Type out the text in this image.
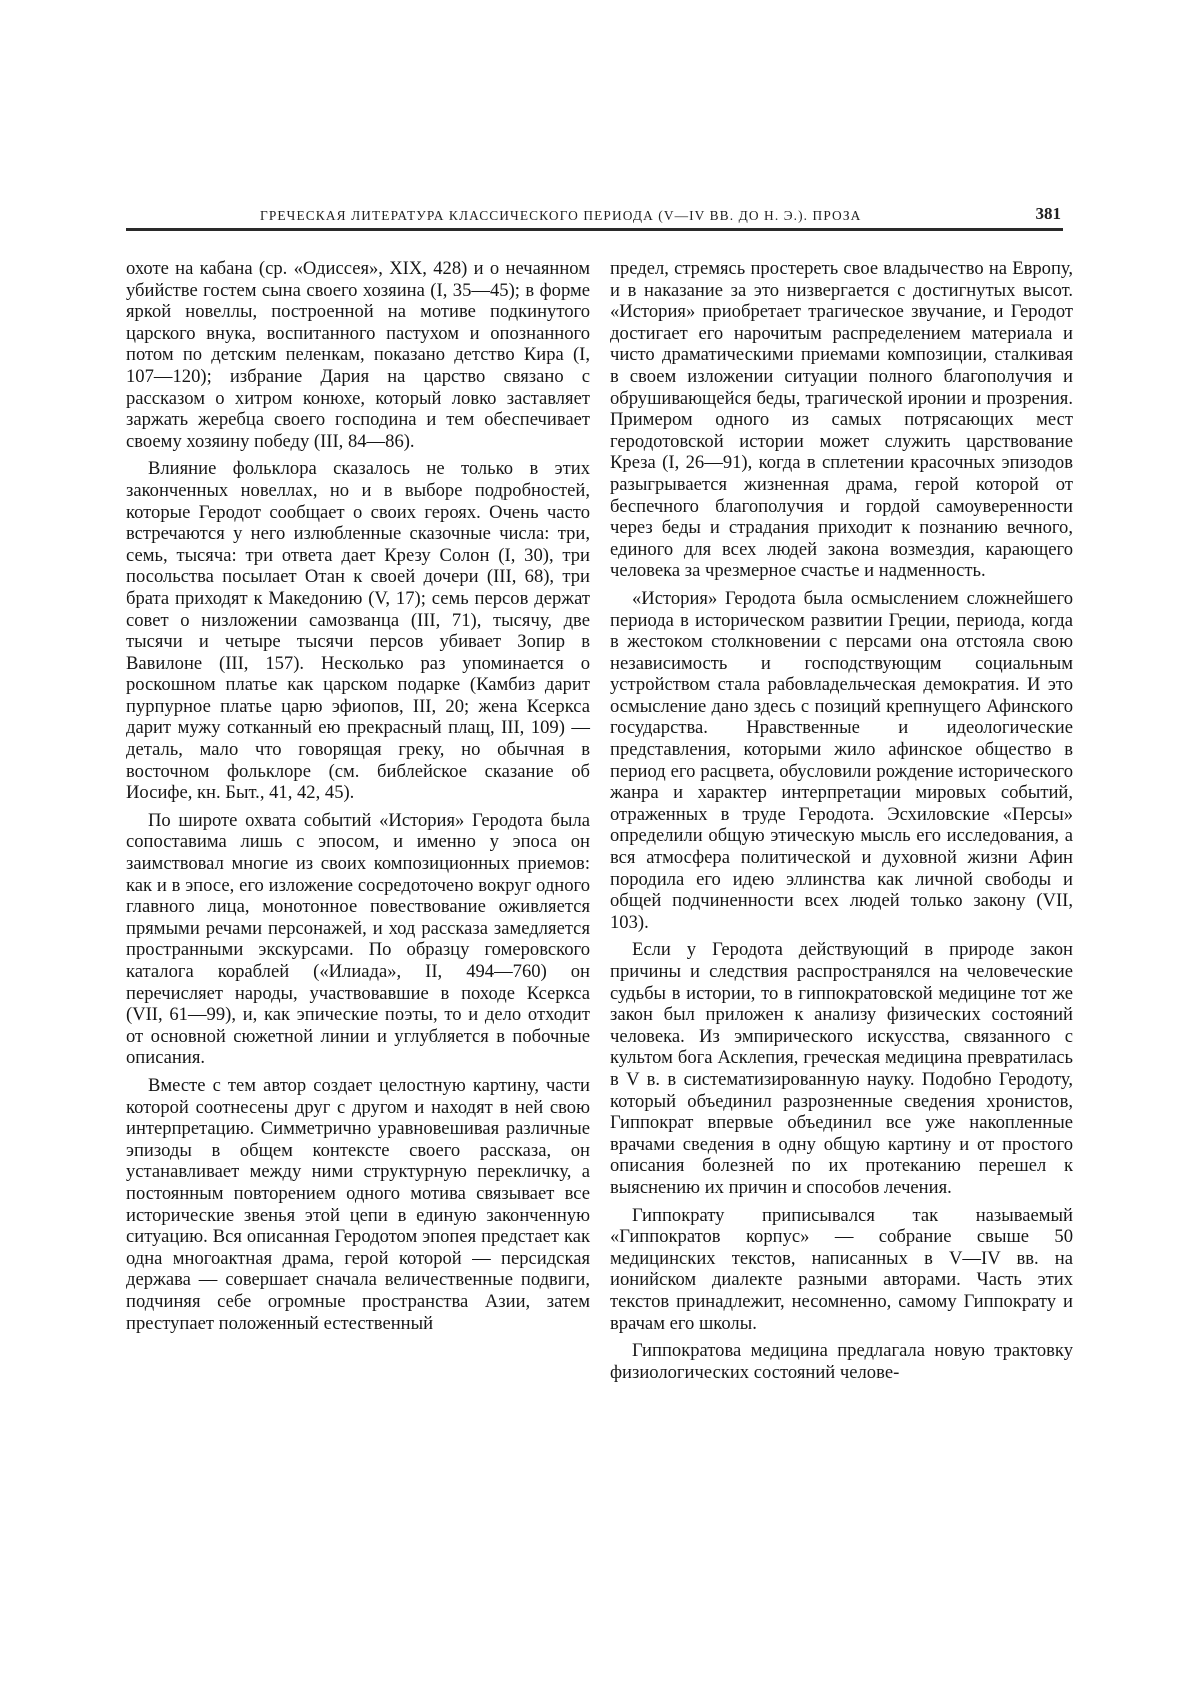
ГРЕЧЕСКАЯ ЛИТЕРАТУРА КЛАССИЧЕСКОГО ПЕРИОДА (V—IV ВВ. ДО Н. Э.). ПРОЗА	381

охоте на кабана (ср. «Одиссея», XIX, 428) и о нечаянном убийстве гостем сына своего хозяина (I, 35—45); в форме яркой новеллы, построенной на мотиве подкинутого царского внука, воспитанного пастухом и опознанного потом по детским пеленкам, показано детство Кира (I, 107—120); избрание Дария на царство связано с рассказом о хитром конюхе, который ловко заставляет заржать жеребца своего господина и тем обеспечивает своему хозяину победу (III, 84—86).

Влияние фольклора сказалось не только в этих законченных новеллах, но и в выборе подробностей, которые Геродот сообщает о своих героях. Очень часто встречаются у него излюбленные сказочные числа: три, семь, тысяча: три ответа дает Крезу Солон (I, 30), три посольства посылает Отан к своей дочери (III, 68), три брата приходят к Македонию (V, 17); семь персов держат совет о низложении самозванца (III, 71), тысячу, две тысячи и четыре тысячи персов убивает Зопир в Вавилоне (III, 157). Несколько раз упоминается о роскошном платье как царском подарке (Камбиз дарит пурпурное платье царю эфиопов, III, 20; жена Ксеркса дарит мужу сотканный ею прекрасный плащ, III, 109) — деталь, мало что говорящая греку, но обычная в восточном фольклоре (см. библейское сказание об Иосифе, кн. Быт., 41, 42, 45).

По широте охвата событий «История» Геродота была сопоставима лишь с эпосом, и именно у эпоса он заимствовал многие из своих композиционных приемов: как и в эпосе, его изложение сосредоточено вокруг одного главного лица, монотонное повествование оживляется прямыми речами персонажей, и ход рассказа замедляется пространными экскурсами. По образцу гомеровского каталога кораблей («Илиада», II, 494—760) он перечисляет народы, участвовавшие в походе Ксеркса (VII, 61—99), и, как эпические поэты, то и дело отходит от основной сюжетной линии и углубляется в побочные описания.

Вместе с тем автор создает целостную картину, части которой соотнесены друг с другом и находят в ней свою интерпретацию. Симметрично уравновешивая различные эпизоды в общем контексте своего рассказа, он устанавливает между ними структурную перекличку, а постоянным повторением одного мотива связывает все исторические звенья этой цепи в единую законченную ситуацию. Вся описанная Геродотом эпопея предстает как одна многоактная драма, герой которой — персидская держава — совершает сначала величественные подвиги, подчиняя себе огромные пространства Азии, затем преступает положенный естественный

предел, стремясь простереть свое владычество на Европу, и в наказание за это низвергается с достигнутых высот. «История» приобретает трагическое звучание, и Геродот достигает его нарочитым распределением материала и чисто драматическими приемами композиции, сталкивая в своем изложении ситуации полного благополучия и обрушивающейся беды, трагической иронии и прозрения. Примером одного из самых потрясающих мест геродотовской истории может служить царствование Креза (I, 26—91), когда в сплетении красочных эпизодов разыгрывается жизненная драма, герой которой от беспечного благополучия и гордой самоуверенности через беды и страдания приходит к познанию вечного, единого для всех людей закона возмездия, карающего человека за чрезмерное счастье и надменность.

«История» Геродота была осмыслением сложнейшего периода в историческом развитии Греции, периода, когда в жестоком столкновении с персами она отстояла свою независимость и господствующим социальным устройством стала рабовладельческая демократия. И это осмысление дано здесь с позиций крепнущего Афинского государства. Нравственные и идеологические представления, которыми жило афинское общество в период его расцвета, обусловили рождение исторического жанра и характер интерпретации мировых событий, отраженных в труде Геродота. Эсхиловские «Персы» определили общую этическую мысль его исследования, а вся атмосфера политической и духовной жизни Афин породила его идею эллинства как личной свободы и общей подчиненности всех людей только закону (VII, 103).

Если у Геродота действующий в природе закон причины и следствия распространялся на человеческие судьбы в истории, то в гиппократовской медицине тот же закон был приложен к анализу физических состояний человека. Из эмпирического искусства, связанного с культом бога Асклепия, греческая медицина превратилась в V в. в систематизированную науку. Подобно Геродоту, который объединил разрозненные сведения хронистов, Гиппократ впервые объединил все уже накопленные врачами сведения в одну общую картину и от простого описания болезней по их протеканию перешел к выяснению их причин и способов лечения.

Гиппократу приписывался так называемый «Гиппократов корпус» — собрание свыше 50 медицинских текстов, написанных в V—IV вв. на ионийском диалекте разными авторами. Часть этих текстов принадлежит, несомненно, самому Гиппократу и врачам его школы.

Гиппократова медицина предлагала новую трактовку физиологических состояний человe-
